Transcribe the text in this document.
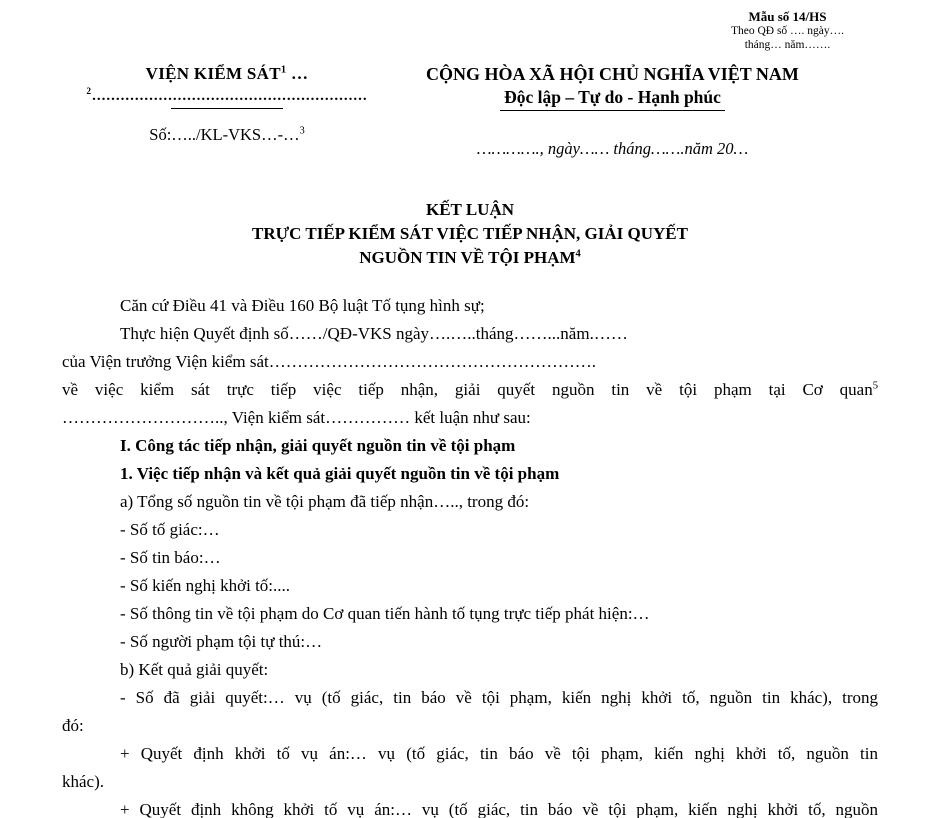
Mẫu số 14/HS
Theo QĐ số …. ngày….
tháng… năm…….
VIỆN KIỂM SÁT$^1$ …
$^2$..........................................................
Số:…../KL-VKS…-…$^3$
CỘNG HÒA XÃ HỘI CHỦ NGHĨA VIỆT NAM
Độc lập – Tự do - Hạnh phúc
…………., ngày…… tháng…….năm 20…
KẾT LUẬN
TRỰC TIẾP KIỂM SÁT VIỆC TIẾP NHẬN, GIẢI QUYẾT
NGUỒN TIN VỀ TỘI PHẠM$^4$

Căn cứ Điều 41 và Điều 160 Bộ luật Tố tụng hình sự;

Thực hiện Quyết định số……/QĐ-VKS ngày….…..tháng……...năm.……

của Viện trưởng Viện kiểm sát………………………………………………….

về việc kiểm sát trực tiếp việc tiếp nhận, giải quyết nguồn tin về tội phạm tại Cơ quan$^5$

……………………….., Viện kiểm sát…………… kết luận như sau:

I. Công tác tiếp nhận, giải quyết nguồn tin về tội phạm

1. Việc tiếp nhận và kết quả giải quyết nguồn tin về tội phạm

a) Tổng số nguồn tin về tội phạm đã tiếp nhận….., trong đó:

- Số tố giác:…

- Số tin báo:…

- Số kiến nghị khởi tố:....

- Số thông tin về tội phạm do Cơ quan tiến hành tố tụng trực tiếp phát hiện:…

- Số người phạm tội tự thú:…

b) Kết quả giải quyết:

- Số đã giải quyết:… vụ (tố giác, tin báo về tội phạm, kiến nghị khởi tố, nguồn tin khác), trong

đó:

+ Quyết định khởi tố vụ án:… vụ (tố giác, tin báo về tội phạm, kiến nghị khởi tố, nguồn tin

khác).

+ Quyết định không khởi tố vụ án:… vụ (tố giác, tin báo về tội phạm, kiến nghị khởi tố, nguồn
